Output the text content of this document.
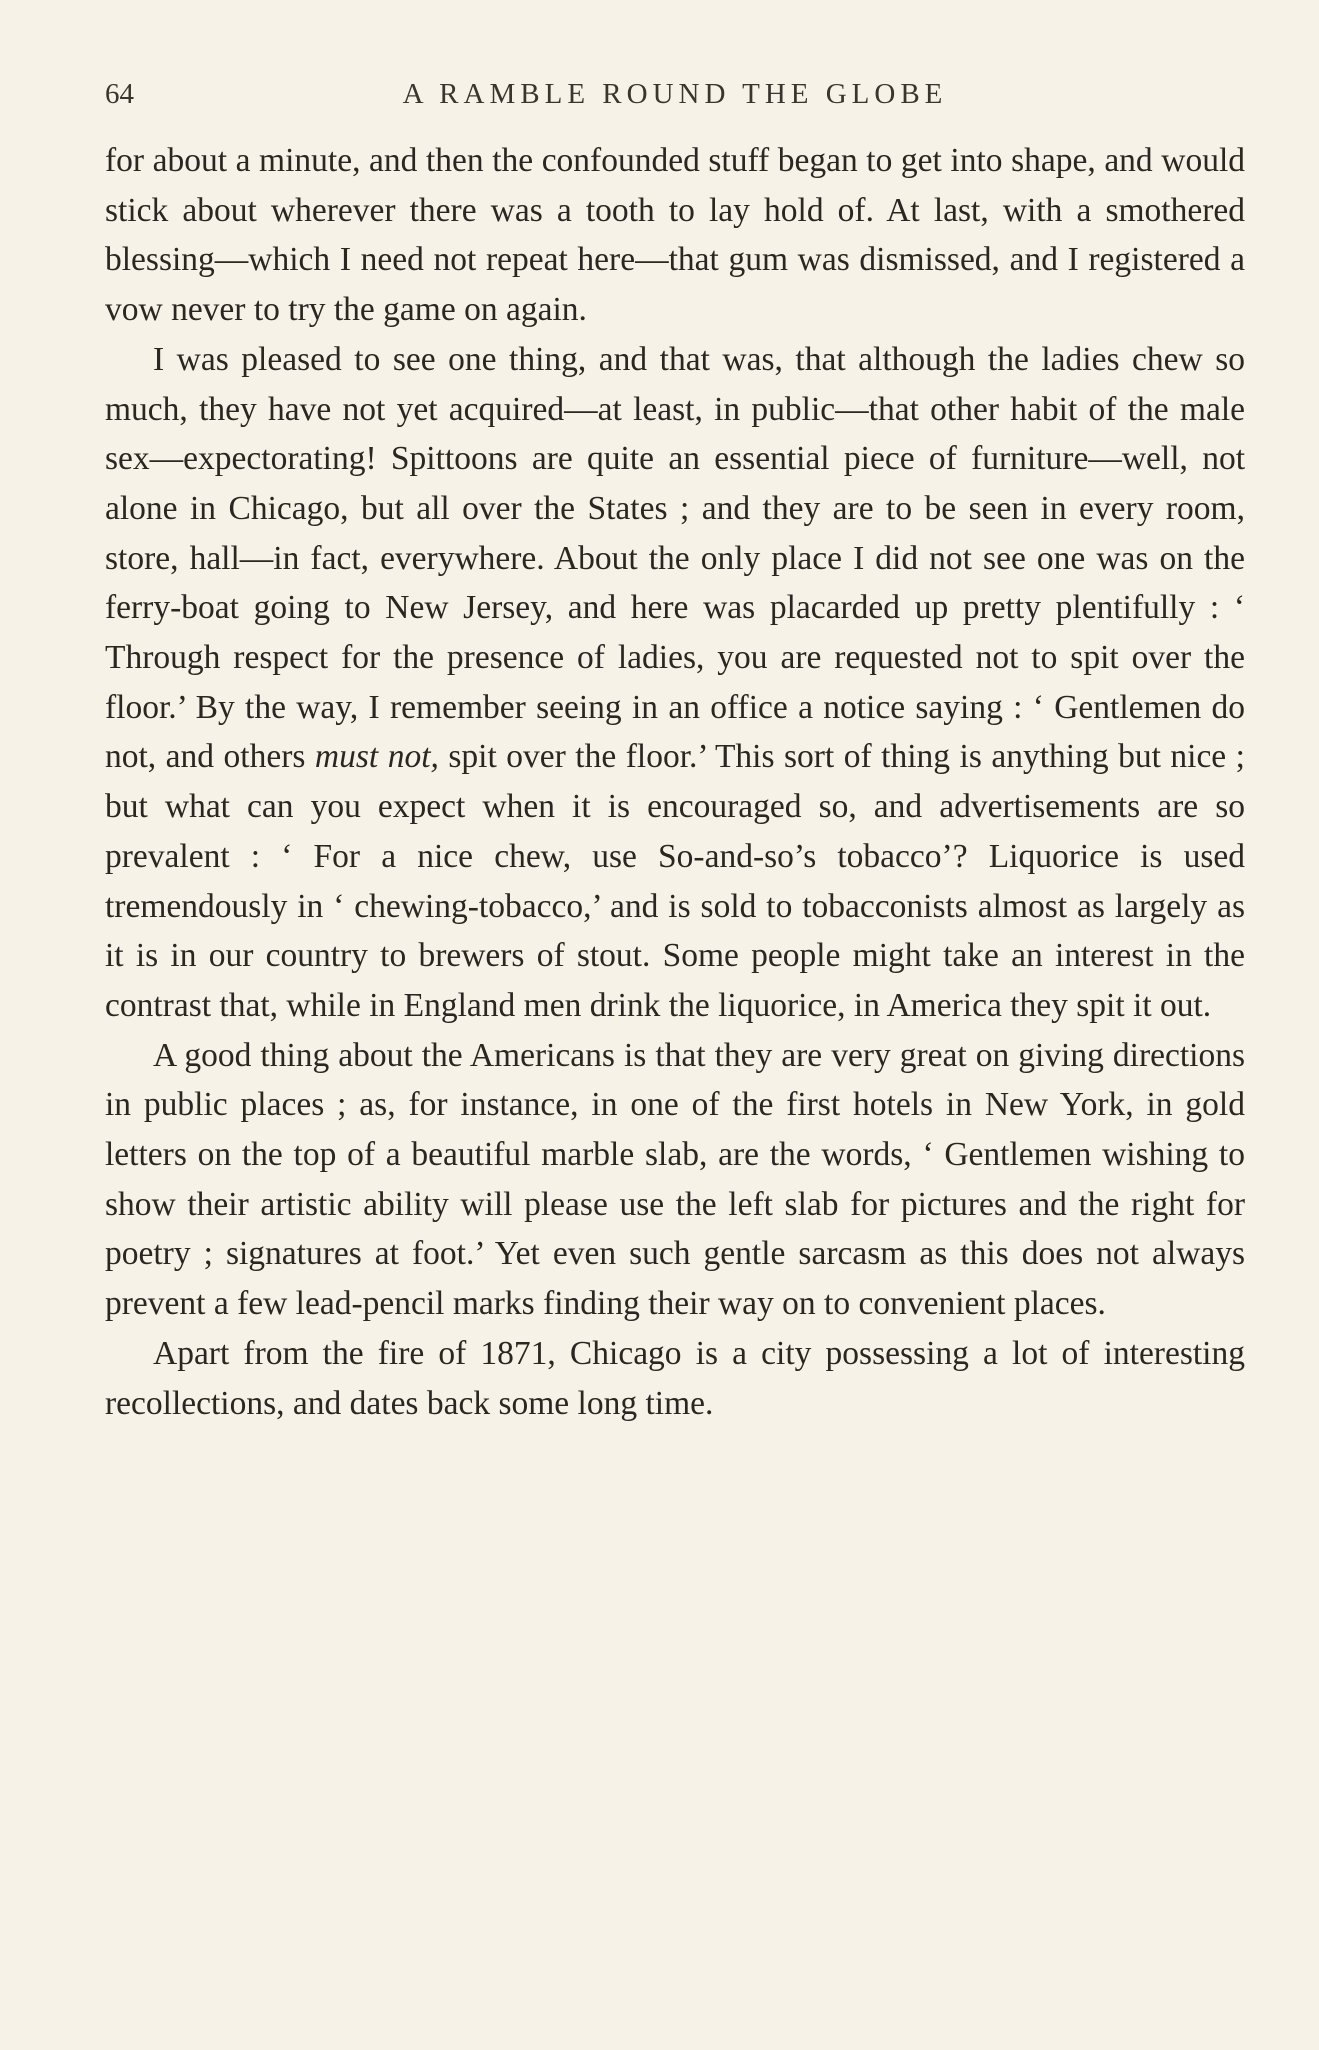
64	A RAMBLE ROUND THE GLOBE

for about a minute, and then the confounded stuff began to get into shape, and would stick about wherever there was a tooth to lay hold of. At last, with a smothered blessing—which I need not repeat here—that gum was dismissed, and I registered a vow never to try the game on again.

I was pleased to see one thing, and that was, that although the ladies chew so much, they have not yet acquired—at least, in public—that other habit of the male sex—expectorating! Spittoons are quite an essential piece of furniture—well, not alone in Chicago, but all over the States ; and they are to be seen in every room, store, hall—in fact, everywhere. About the only place I did not see one was on the ferry-boat going to New Jersey, and here was placarded up pretty plentifully : ‘ Through respect for the presence of ladies, you are requested not to spit over the floor.’ By the way, I remember seeing in an office a notice saying : ‘ Gentlemen do not, and others must not, spit over the floor.’ This sort of thing is anything but nice ; but what can you expect when it is encouraged so, and advertisements are so prevalent : ‘ For a nice chew, use So-and-so’s tobacco’? Liquorice is used tremendously in ‘ chewing-tobacco,’ and is sold to tobacconists almost as largely as it is in our country to brewers of stout. Some people might take an interest in the contrast that, while in England men drink the liquorice, in America they spit it out.

A good thing about the Americans is that they are very great on giving directions in public places ; as, for instance, in one of the first hotels in New York, in gold letters on the top of a beautiful marble slab, are the words, ‘ Gentlemen wishing to show their artistic ability will please use the left slab for pictures and the right for poetry ; signatures at foot.’ Yet even such gentle sarcasm as this does not always prevent a few lead-pencil marks finding their way on to convenient places.

Apart from the fire of 1871, Chicago is a city possessing a lot of interesting recollections, and dates back some long time.
